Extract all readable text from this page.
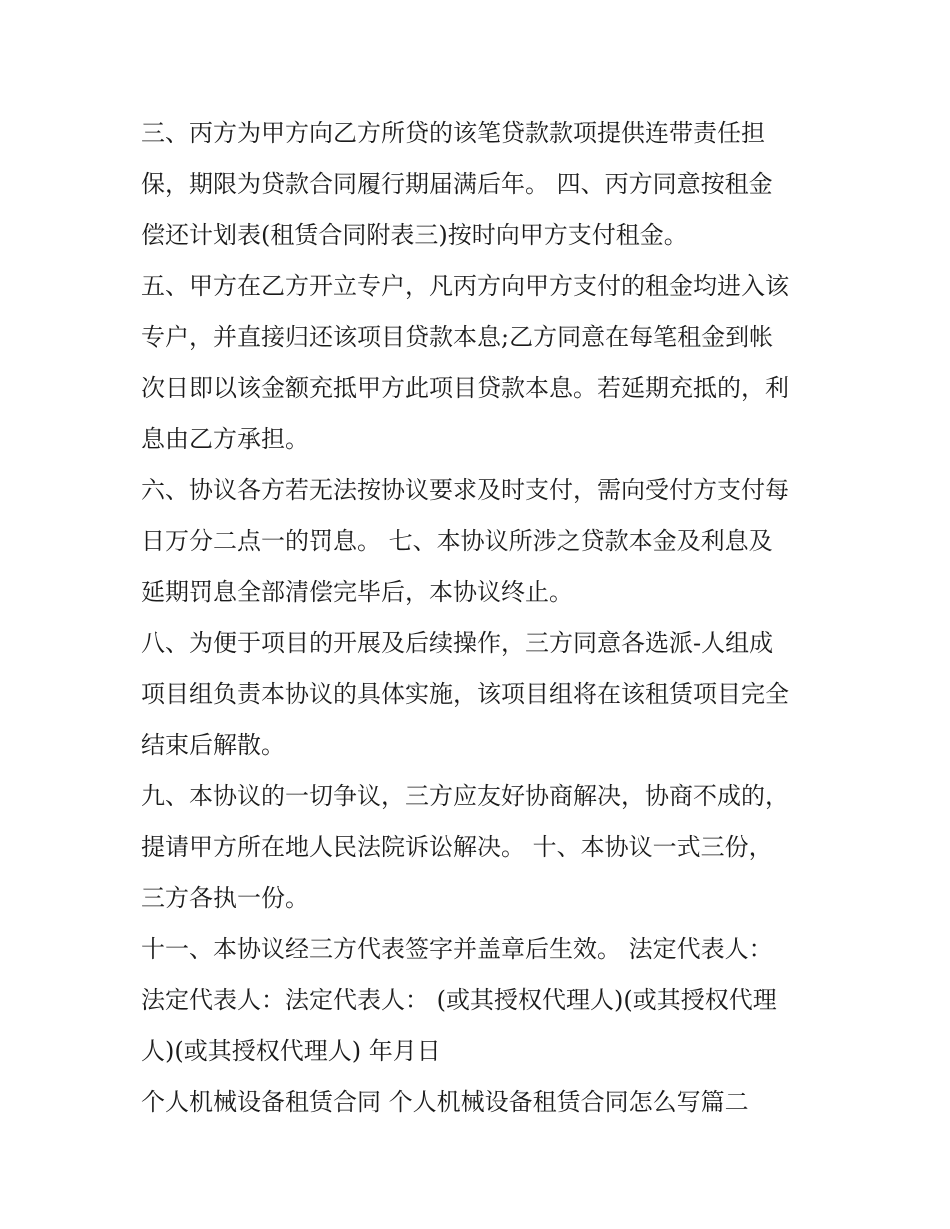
三、丙方为甲方向乙方所贷的该笔贷款款项提供连带责任担
保，期限为贷款合同履行期届满后年。 四、丙方同意按租金
偿还计划表(租赁合同附表三)按时向甲方支付租金。
五、甲方在乙方开立专户，凡丙方向甲方支付的租金均进入该
专户，并直接归还该项目贷款本息;乙方同意在每笔租金到帐
次日即以该金额充抵甲方此项目贷款本息。若延期充抵的，利
息由乙方承担。
六、协议各方若无法按协议要求及时支付，需向受付方支付每
日万分二点一的罚息。 七、本协议所涉之贷款本金及利息及
延期罚息全部清偿完毕后，本协议终止。
八、为便于项目的开展及后续操作，三方同意各选派-人组成
项目组负责本协议的具体实施，该项目组将在该租赁项目完全
结束后解散。
九、本协议的一切争议，三方应友好协商解决，协商不成的，
提请甲方所在地人民法院诉讼解决。 十、本协议一式三份，
三方各执一份。
十一、本协议经三方代表签字并盖章后生效。 法定代表人：
法定代表人：法定代表人： (或其授权代理人)(或其授权代理
人)(或其授权代理人) 年月日
个人机械设备租赁合同 个人机械设备租赁合同怎么写篇二
